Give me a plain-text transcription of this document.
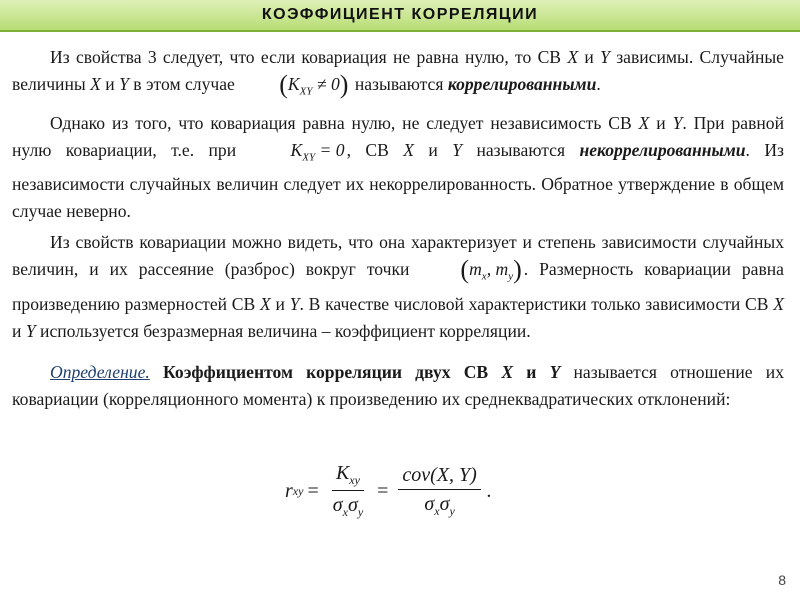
КОЭФФИЦИЕНТ КОРРЕЛЯЦИИ

Из свойства 3 следует, что если ковариация не равна нулю, то СВ X и Y зависимы. Случайные величины X и Y в этом случае $(K_{XY} \ne 0)$ называются коррелированными.

Однако из того, что ковариация равна нулю, не следует независимость СВ X и Y. При равной нулю ковариации, т.е. при $K_{XY} = 0$ , СВ X и Y называются некоррелированными. Из независимости случайных величин следует их некоррелированность. Обратное утверждение в общем случае неверно.

Из свойств ковариации можно видеть, что она характеризует и степень зависимости случайных величин, и их рассеяние (разброс) вокруг точки ($m_x$, $m_y$) . Размерность ковариации равна произведению размерностей СВ X и Y. В качестве числовой характеристики только зависимости СВ X и Y используется безразмерная величина – коэффициент корреляции.

Определение. Коэффициентом корреляции двух СВ X и Y называется отношение их ковариации (корреляционного момента) к произведению их среднеквадратических отклонений:

r xy = $\frac{K_{xy}}{\sigma_x\sigma_y} = \frac{\text{cov(X, Y)}}{\sigma_x\sigma_y}$ .
8
